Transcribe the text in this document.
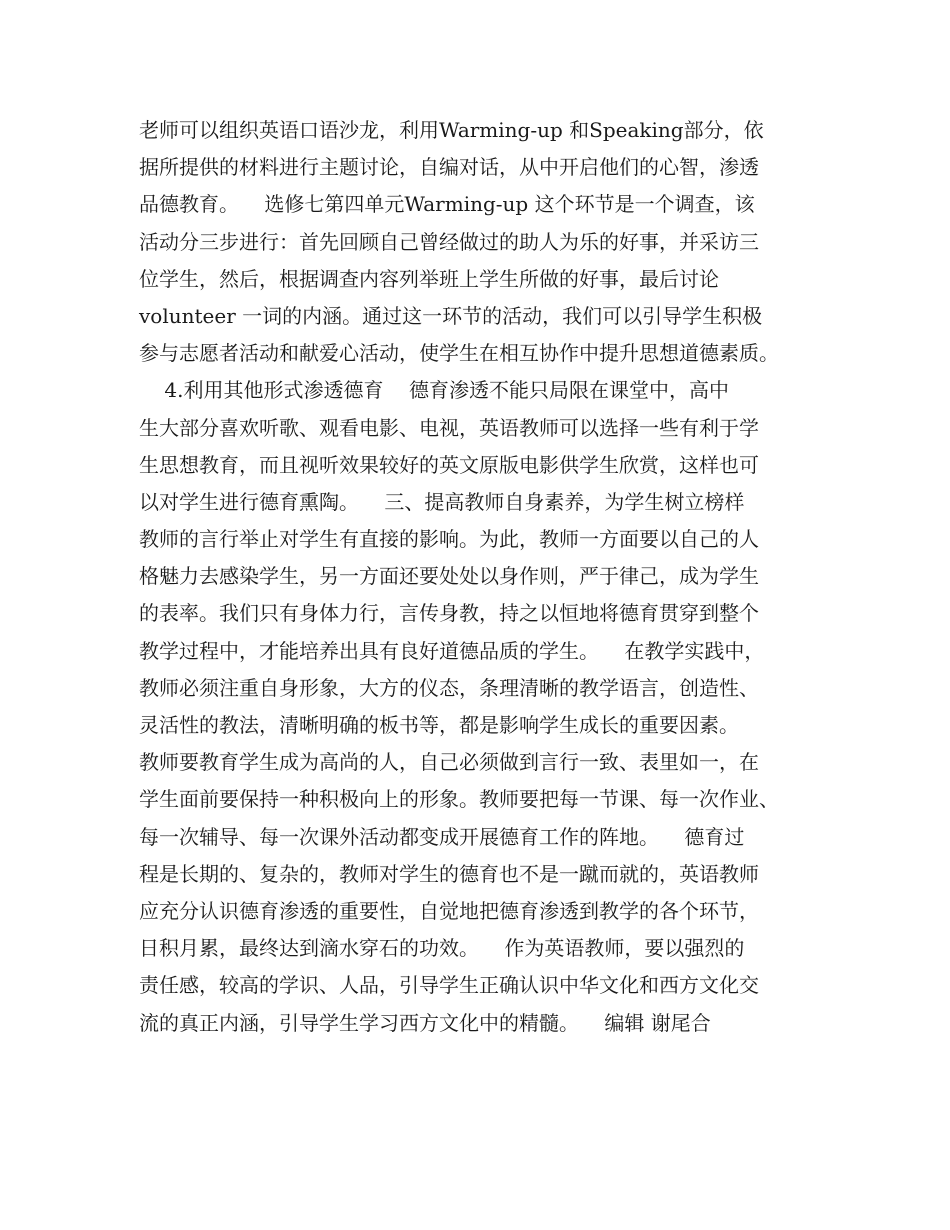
老师可以组织英语口语沙龙，利用Warming-up 和Speaking部分，依
据所提供的材料进行主题讨论，自编对话，从中开启他们的心智，渗透
品德教育。    选修七第四单元Warming-up 这个环节是一个调查，该
活动分三步进行：首先回顾自己曾经做过的助人为乐的好事，并采访三
位学生，然后，根据调查内容列举班上学生所做的好事，最后讨论
volunteer 一词的内涵。通过这一环节的活动，我们可以引导学生积极
参与志愿者活动和献爱心活动，使学生在相互协作中提升思想道德素质。
4.利用其他形式渗透德育    德育渗透不能只局限在课堂中，高中
生大部分喜欢听歌、观看电影、电视，英语教师可以选择一些有利于学
生思想教育，而且视听效果较好的英文原版电影供学生欣赏，这样也可
以对学生进行德育熏陶。    三、提高教师自身素养，为学生树立榜样
教师的言行举止对学生有直接的影响。为此，教师一方面要以自己的人
格魅力去感染学生，另一方面还要处处以身作则，严于律己，成为学生
的表率。我们只有身体力行，言传身教，持之以恒地将德育贯穿到整个
教学过程中，才能培养出具有良好道德品质的学生。    在教学实践中，
教师必须注重自身形象，大方的仪态，条理清晰的教学语言，创造性、
灵活性的教法，清晰明确的板书等，都是影响学生成长的重要因素。
教师要教育学生成为高尚的人，自己必须做到言行一致、表里如一，在
学生面前要保持一种积极向上的形象。教师要把每一节课、每一次作业、
每一次辅导、每一次课外活动都变成开展德育工作的阵地。    德育过
程是长期的、复杂的，教师对学生的德育也不是一蹴而就的，英语教师
应充分认识德育渗透的重要性，自觉地把德育渗透到教学的各个环节，
日积月累，最终达到滴水穿石的功效。    作为英语教师，要以强烈的
责任感，较高的学识、人品，引导学生正确认识中华文化和西方文化交
流的真正内涵，引导学生学习西方文化中的精髓。    编辑 谢尾合
